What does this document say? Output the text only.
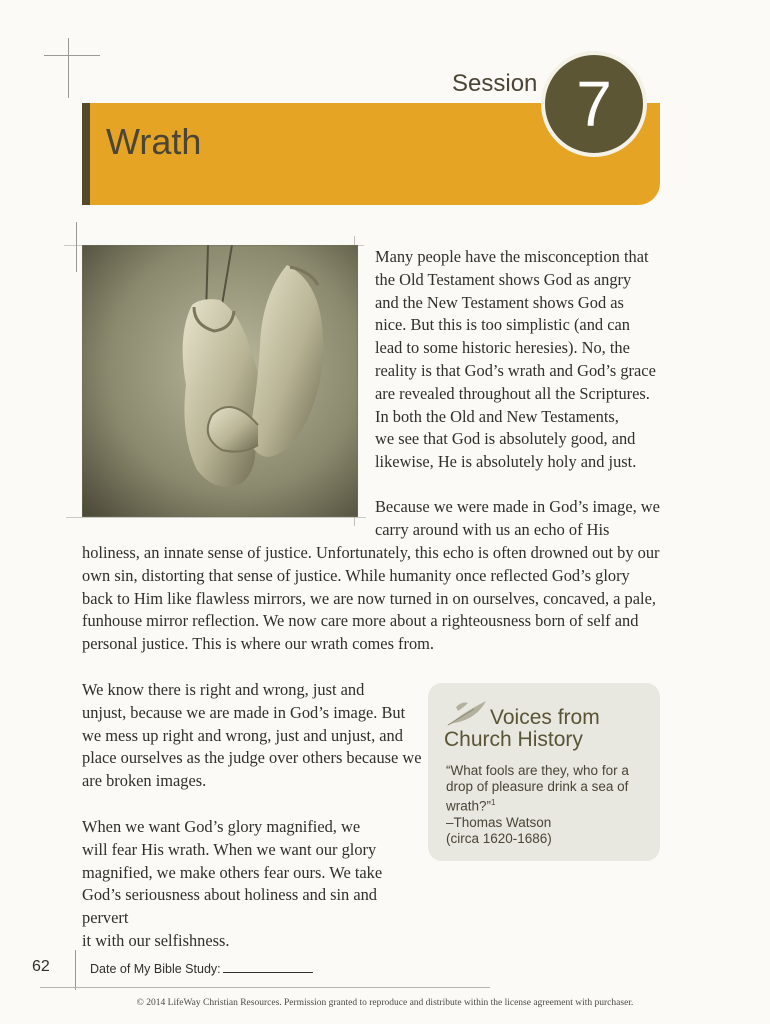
Wrath
Session 7
Many people have the misconception that
the Old Testament shows God as angry
and the New Testament shows God as
nice. But this is too simplistic (and can
lead to some historic heresies). No, the
reality is that God’s wrath and God’s grace
are revealed throughout all the Scriptures.
In both the Old and New Testaments,
we see that God is absolutely good, and
likewise, He is absolutely holy and just.
Because we were made in God’s image, we
carry around with us an echo of His
holiness, an innate sense of justice. Unfortunately, this echo is often drowned out by our
own sin, distorting that sense of justice. While humanity once reflected God’s glory
back to Him like flawless mirrors, we are now turned in on ourselves, concaved, a pale,
funhouse mirror reflection. We now care more about a righteousness born of self and
personal justice. This is where our wrath comes from.
We know there is right and wrong, just and
unjust, because we are made in God’s image. But
we mess up right and wrong, just and unjust, and
place ourselves as the judge over others because we
are broken images.
When we want God’s glory magnified, we
will fear His wrath. When we want our glory
magnified, we make others fear ours. We take
God’s seriousness about holiness and sin and pervert
it with our selfishness.
Voices from
Church History
“What fools are they, who for a drop of pleasure drink a sea of wrath?”$^1$
–Thomas Watson
(circa 1620-1686)
62	Date of My Bible Study:
© 2014 LifeWay Christian Resources. Permission granted to reproduce and distribute within the license agreement with purchaser.
